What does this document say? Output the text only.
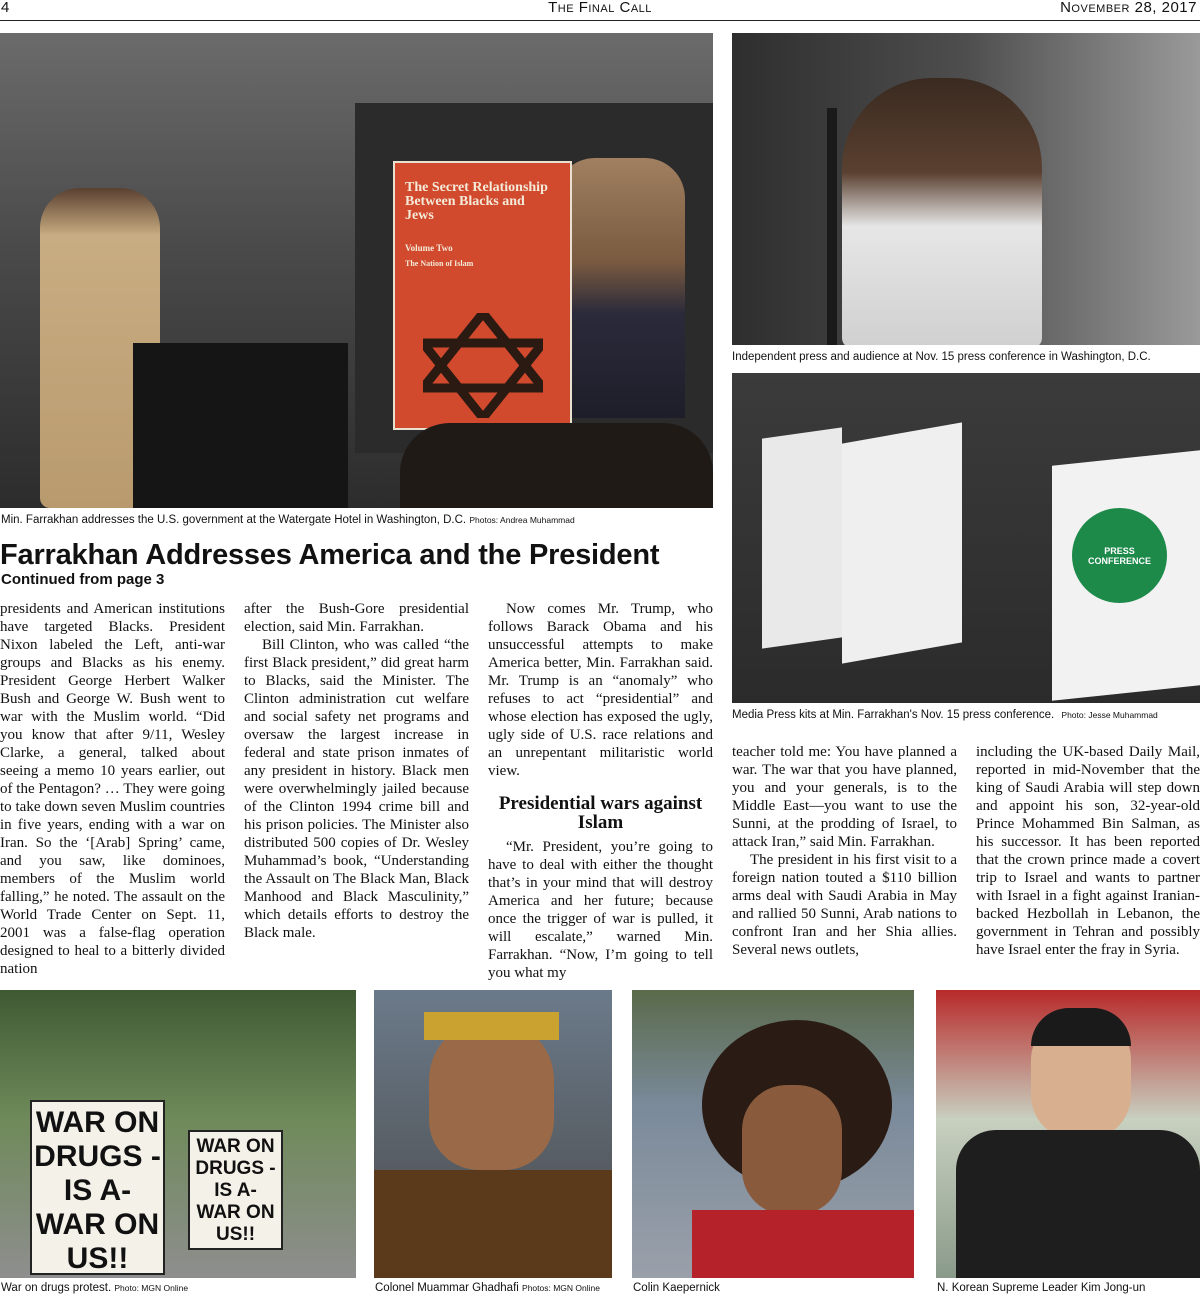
4	The Final Call	November 28, 2017
The Secret Relationship Between Blacks and Jews
Volume Two
The Nation of Islam
Min. Farrakhan addresses the U.S. government at the Watergate Hotel in Washington, D.C. Photos: Andrea Muhammad
Independent press and audience at Nov. 15 press conference in Washington, D.C.
PRESS CONFERENCE
Media Press kits at Min. Farrakhan's Nov. 15 press conference. Photo: Jesse Muhammad
Farrakhan Addresses America and the President
Continued from page 3

presidents and American institutions have targeted Blacks. President Nixon labeled the Left, anti-war groups and Blacks as his enemy. President George Herbert Walker Bush and George W. Bush went to war with the Muslim world. “Did you know that after 9/11, Wesley Clarke, a general, talked about seeing a memo 10 years earlier, out of the Pentagon? … They were going to take down seven Muslim countries in five years, ending with a war on Iran. So the ‘[Arab] Spring’ came, and you saw, like dominoes, members of the Muslim world falling,” he noted. The assault on the World Trade Center on Sept. 11, 2001 was a false-flag operation designed to heal to a bitterly divided nation

after the Bush-Gore presidential election, said Min. Farrakhan.

Bill Clinton, who was called “the first Black president,” did great harm to Blacks, said the Minister. The Clinton administration cut welfare and social safety net programs and oversaw the largest increase in federal and state prison inmates of any president in history. Black men were overwhelmingly jailed because of the Clinton 1994 crime bill and his prison policies. The Minister also distributed 500 copies of Dr. Wesley Muhammad’s book, “Understanding the Assault on The Black Man, Black Manhood and Black Masculinity,” which details efforts to destroy the Black male.

Now comes Mr. Trump, who follows Barack Obama and his unsuccessful attempts to make America better, Min. Farrakhan said. Mr. Trump is an “anomaly” who refuses to act “presidential” and whose election has exposed the ugly, ugly side of U.S. race relations and an unrepentant militaristic world view.

Presidential wars against Islam

“Mr. President, you’re going to have to deal with either the thought that’s in your mind that will destroy America and her future; because once the trigger of war is pulled, it will escalate,” warned Min. Farrakhan. “Now, I’m going to tell you what my

teacher told me: You have planned a war. The war that you have planned, you and your generals, is to the Middle East—you want to use the Sunni, at the prodding of Israel, to attack Iran,” said Min. Farrakhan.

The president in his first visit to a foreign nation touted a $110 billion arms deal with Saudi Arabia in May and rallied 50 Sunni, Arab nations to confront Iran and her Shia allies. Several news outlets,

including the UK-based Daily Mail, reported in mid-November that the king of Saudi Arabia will step down and appoint his son, 32-year-old Prince Mohammed Bin Salman, as his successor. It has been reported that the crown prince made a covert trip to Israel and wants to partner with Israel in a fight against Iranian-backed Hezbollah in Lebanon, the government in Tehran and possibly have Israel enter the fray in Syria.

WAR ON DRUGS -IS A- WAR ON US!!
WAR ON DRUGS -IS A- WAR ON US!!
War on drugs protest. Photo: MGN Online	Colonel Muammar Ghadhafi Photos: MGN Online	Colin Kaepernick	N. Korean Supreme Leader Kim Jong-un
